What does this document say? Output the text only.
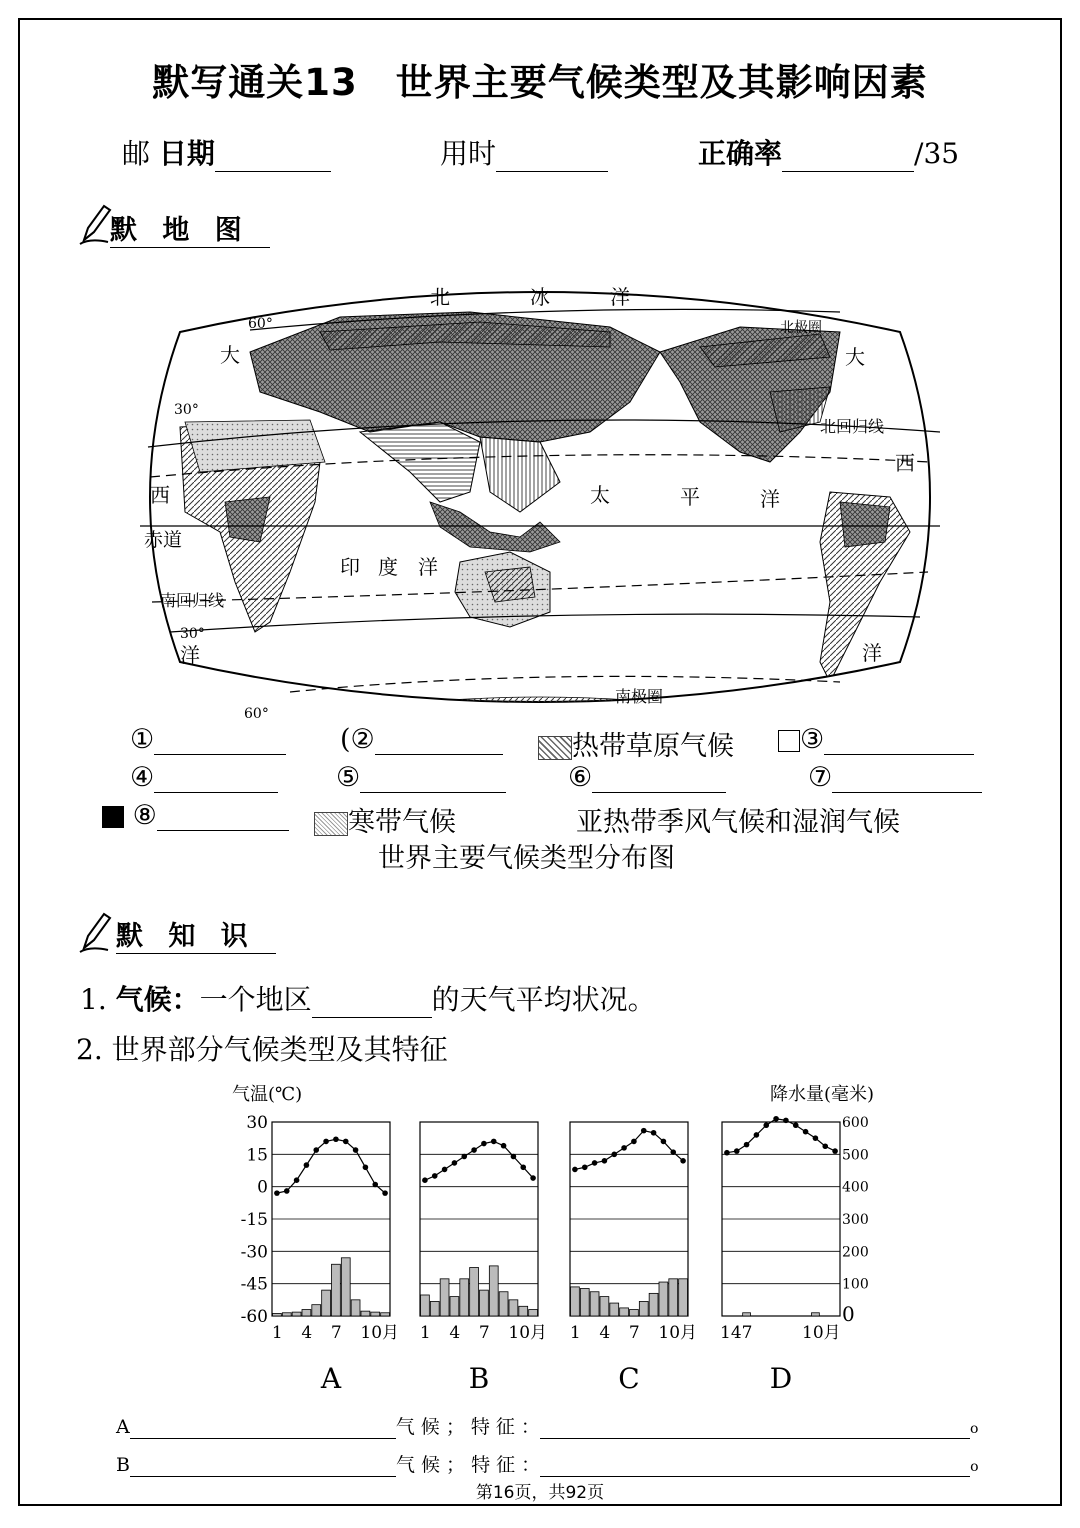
默写通关13　世界主要气候类型及其影响因素
邮 日期	用时	正确率	/35
默 地 图
北	冰	洋
大
西
洋
大
西
洋
太	平	洋
印 度 洋
60°
30°
30°
60°
北回归线
赤道
南回归线
南极圈
北极圈
①	(②	热带草原气候	③
④	⑤	⑥	⑦
⑧	寒带气候	亚热带季风气候和湿润气候
世界主要气候类型分布图
默 知 识
1. 气候：一个地区	的天气平均状况。
2. 世界部分气候类型及其特征
气温(℃)	降水量(毫米)
30
15
0
-15
-30
-45
-60
600
500
400
300
200
100
0
1 4 7 10月
A
1 4 7 10月
B
1 4 7 10月
C
147	10月
D
A	气 候 ； 特 征 ：	o
B	气 候 ； 特 征 ：	o
第16页，共92页
